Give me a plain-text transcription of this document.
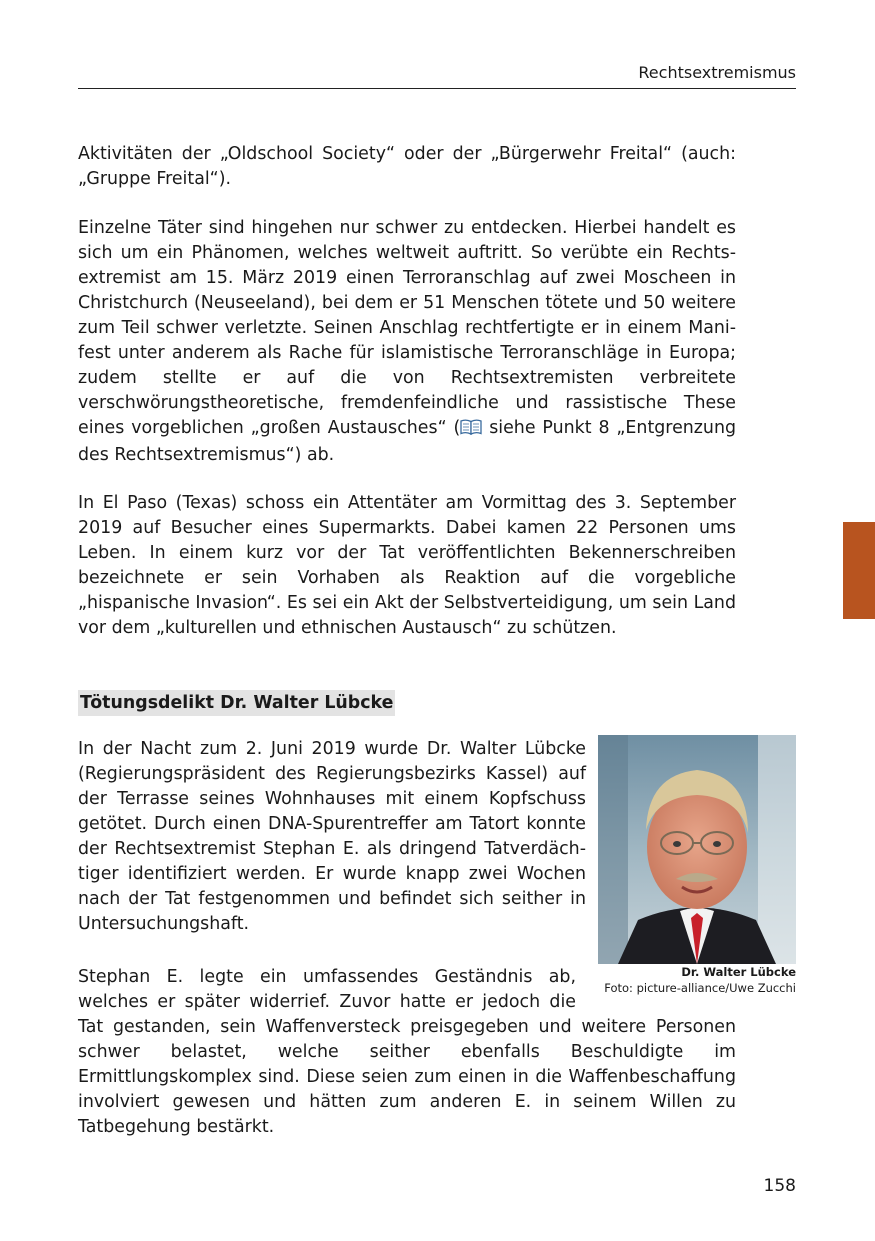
Rechtsextremismus

Aktivitäten der „Oldschool Society“ oder der „Bürgerwehr Freital“ (auch: „Gruppe Freital“).

Einzelne Täter sind hingehen nur schwer zu entdecken. Hierbei handelt es sich um ein Phänomen, welches weltweit auftritt. So verübte ein Rechtsextremist am 15. März 2019 einen Terroranschlag auf zwei Moscheen in Christchurch (Neuseeland), bei dem er 51 Menschen tötete und 50 weitere zum Teil schwer verletzte. Seinen Anschlag rechtfertigte er in einem Manifest unter anderem als Rache für islamistische Terroranschläge in Europa; zudem stellte er auf die von Rechtsextremisten verbreitete verschwörungstheoretische, fremdenfeindliche und rassistische These eines vorgeblichen „großen Austausches“ ( siehe Punkt 8 „Entgrenzung des Rechtsextremismus“) ab.

In El Paso (Texas) schoss ein Attentäter am Vormittag des 3. September 2019 auf Besucher eines Supermarkts. Dabei kamen 22 Personen ums Leben. In einem kurz vor der Tat veröffentlichten Bekennerschreiben bezeichnete er sein Vorhaben als Reaktion auf die vorgebliche „hispanische Invasion“. Es sei ein Akt der Selbstverteidigung, um sein Land vor dem „kulturellen und ethnischen Austausch“ zu schützen.

Tötungsdelikt Dr. Walter Lübcke

In der Nacht zum 2. Juni 2019 wurde Dr. Walter Lübcke (Regierungspräsident des Regierungsbezirks Kassel) auf der Terrasse seines Wohnhauses mit einem Kopfschuss getötet. Durch einen DNA-Spurentreffer am Tatort konnte der Rechtsextremist Stephan E. als dringend Tatverdächtiger identifiziert werden. Er wurde knapp zwei Wochen nach der Tat festgenommen und befindet sich seither in Untersuchungshaft.

Dr. Walter Lübcke
Foto: picture-alliance/Uwe Zucchi

Stephan E. legte ein umfassendes Geständnis ab, welches er später widerrief. Zuvor hatte er jedoch die Tat gestanden, sein Waffenversteck preisgegeben und weitere Personen schwer belastet, welche seither ebenfalls Beschuldigte im Ermittlungskomplex sind. Diese seien zum einen in die Waffenbeschaffung involviert gewesen und hätten zum anderen E. in seinem Willen zu Tatbegehung bestärkt.

158
